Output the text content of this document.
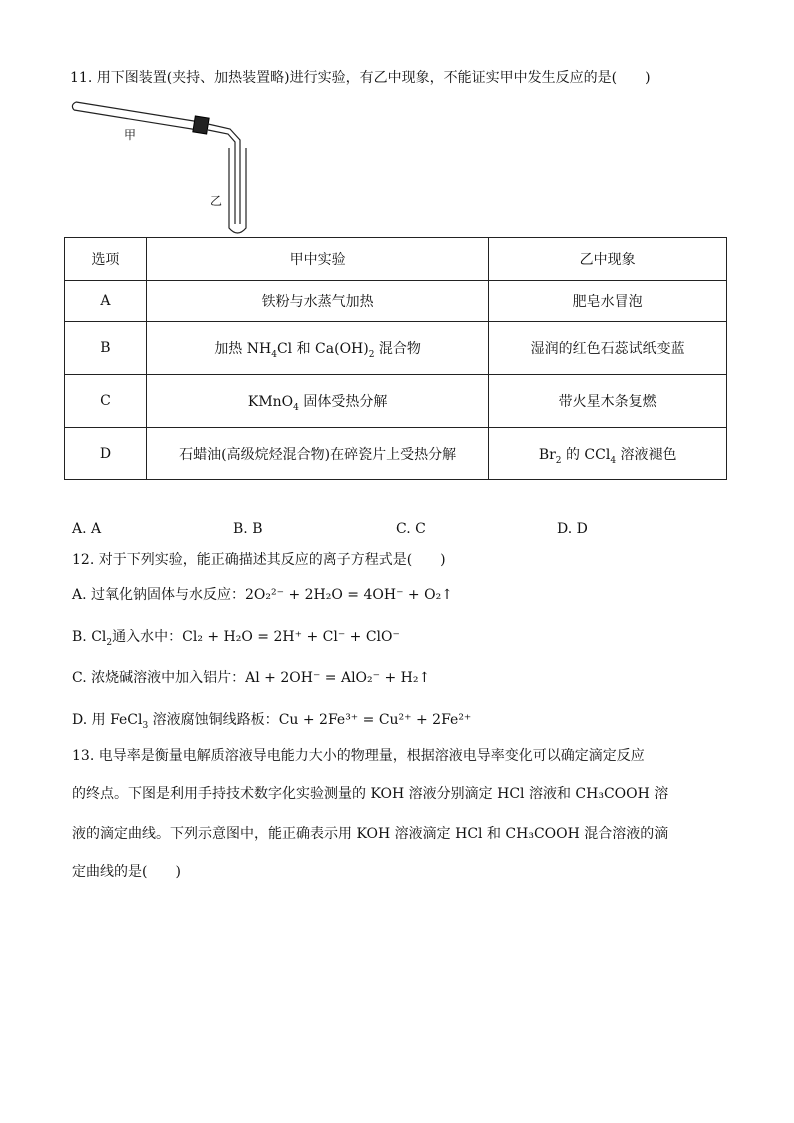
11. 用下图装置(夹持、加热装置略)进行实验，有乙中现象，不能证实甲中发生反应的是(　　)
甲
乙
选项	甲中实验	乙中现象
A	铁粉与水蒸气加热	肥皂水冒泡
B	加热 $NH_4Cl$ 和 $Ca(OH)_2$ 混合物	湿润的红色石蕊试纸变蓝
C	KMnO$_4$ 固体受热分解	带火星木条复燃
D	石蜡油(高级烷烃混合物)在碎瓷片上受热分解	$Br_2$ 的 CCl$_4$ 溶液褪色
A. A	B. B	C. C	D. D
12. 对于下列实验，能正确描述其反应的离子方程式是(　　)
A. 过氧化钠固体与水反应：2O₂²⁻ + 2H₂O = 4OH⁻ + O₂↑
B. $Cl_2$通入水中：Cl₂ + H₂O = 2H⁺ + Cl⁻ + ClO⁻
C. 浓烧碱溶液中加入铝片：Al + 2OH⁻ = AlO₂⁻ + H₂↑
D. 用 FeCl$_3$ 溶液腐蚀铜线路板：Cu + 2Fe³⁺ = Cu²⁺ + 2Fe²⁺
13. 电导率是衡量电解质溶液导电能力大小的物理量，根据溶液电导率变化可以确定滴定反应
的终点。下图是利用手持技术数字化实验测量的 KOH 溶液分别滴定 HCl 溶液和 CH₃COOH 溶
液的滴定曲线。下列示意图中，能正确表示用 KOH 溶液滴定 HCl 和 CH₃COOH 混合溶液的滴
定曲线的是(　　)
